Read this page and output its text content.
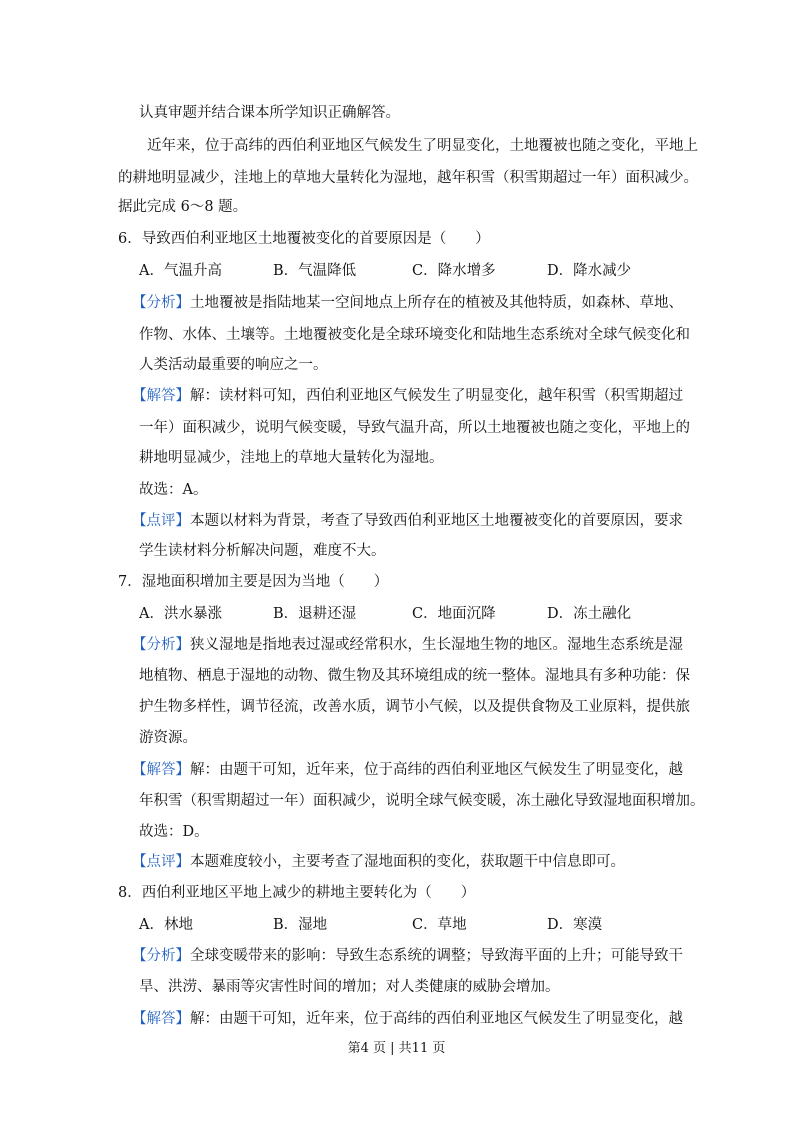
认真审题并结合课本所学知识正确解答。
近年来，位于高纬的西伯利亚地区气候发生了明显变化，土地覆被也随之变化，平地上
的耕地明显减少，洼地上的草地大量转化为湿地，越年积雪（积雪期超过一年）面积减少。
据此完成 6～8 题。
6．导致西伯利亚地区土地覆被变化的首要原因是（　　）
A．气温升高	B．气温降低	C．降水增多	D．降水减少
【分析】土地覆被是指陆地某一空间地点上所存在的植被及其他特质，如森林、草地、
作物、水体、土壤等。土地覆被变化是全球环境变化和陆地生态系统对全球气候变化和
人类活动最重要的响应之一。
【解答】解：读材料可知，西伯利亚地区气候发生了明显变化，越年积雪（积雪期超过
一年）面积减少，说明气候变暖，导致气温升高，所以土地覆被也随之变化，平地上的
耕地明显减少，洼地上的草地大量转化为湿地。
故选：A。
【点评】本题以材料为背景，考查了导致西伯利亚地区土地覆被变化的首要原因，要求
学生读材料分析解决问题，难度不大。
7．湿地面积增加主要是因为当地（　　）
A．洪水暴涨	B．退耕还湿	C．地面沉降	D．冻土融化
【分析】狭义湿地是指地表过湿或经常积水，生长湿地生物的地区。湿地生态系统是湿
地植物、栖息于湿地的动物、微生物及其环境组成的统一整体。湿地具有多种功能：保
护生物多样性，调节径流，改善水质，调节小气候，以及提供食物及工业原料，提供旅
游资源。
【解答】解：由题干可知，近年来，位于高纬的西伯利亚地区气候发生了明显变化，越
年积雪（积雪期超过一年）面积减少，说明全球气候变暖，冻土融化导致湿地面积增加。
故选：D。
【点评】本题难度较小，主要考查了湿地面积的变化，获取题干中信息即可。
8．西伯利亚地区平地上减少的耕地主要转化为（　　）
A．林地	B．湿地	C．草地	D．寒漠
【分析】全球变暖带来的影响：导致生态系统的调整；导致海平面的上升；可能导致干
旱、洪涝、暴雨等灾害性时间的增加；对人类健康的威胁会增加。
【解答】解：由题干可知，近年来，位于高纬的西伯利亚地区气候发生了明显变化，越
第4 页 | 共11 页
